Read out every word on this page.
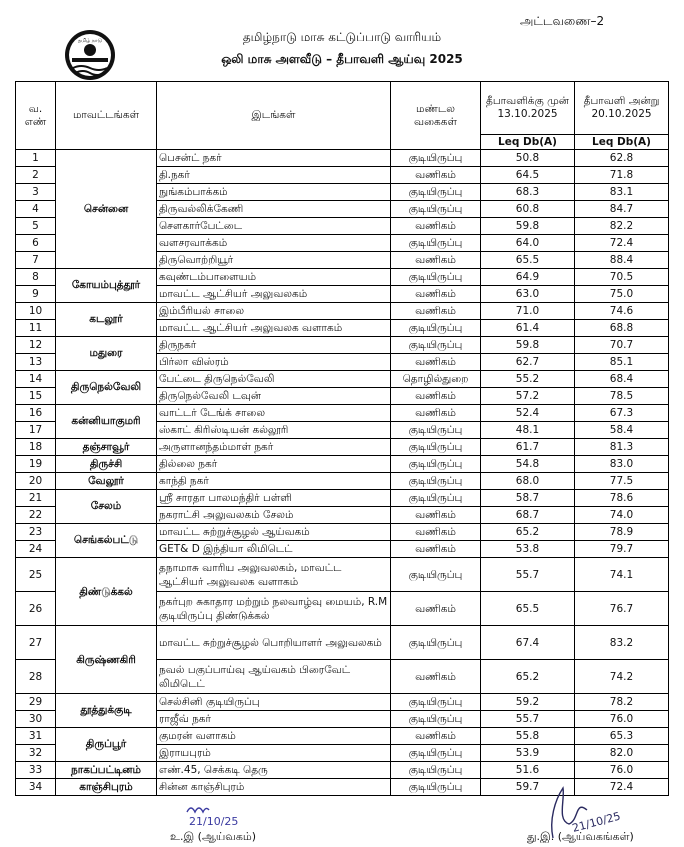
அட்டவணை–2
தமிழ் நாடு	தமிழ்நாடு மாசு கட்டுப்பாடு வாரியம்
ஒலி மாசு அளவீடு – தீபாவளி ஆய்வு 2025
வ. எண்	மாவட்டங்கள்	இடங்கள்	மண்டல வகைகள்	தீபாவளிக்கு முன் 13.10.2025	தீபாவளி அன்று 20.10.2025
				Leq Db(A)	Leq Db(A)
1	சென்னை	பெசன்ட் நகர்	குடியிருப்பு	50.8	62.8
2		தி.நகர்	வணிகம்	64.5	71.8
3		நுங்கம்பாக்கம்	குடியிருப்பு	68.3	83.1
4		திருவல்லிக்கேணி	குடியிருப்பு	60.8	84.7
5		சௌகார்பேட்டை	வணிகம்	59.8	82.2
6		வளசரவாக்கம்	குடியிருப்பு	64.0	72.4
7		திருவொற்றியூர்	வணிகம்	65.5	88.4
8	கோயம்புத்தூர்	கவுண்டம்பாளையம்	குடியிருப்பு	64.9	70.5
9		மாவட்ட ஆட்சியர் அலுவலகம்	வணிகம்	63.0	75.0
10	கடலூர்	இம்பீரியல் சாலை	வணிகம்	71.0	74.6
11		மாவட்ட ஆட்சியர் அலுவலக வளாகம்	குடியிருப்பு	61.4	68.8
12	மதுரை	திருநகர்	குடியிருப்பு	59.8	70.7
13		பிர்லா விஸ்ரம்	வணிகம்	62.7	85.1
14	திருநெல்வேலி	பேட்டை திருநெல்வேலி	தொழில்துறை	55.2	68.4
15		திருநெல்வேலி டவுன்	வணிகம்	57.2	78.5
16	கன்னியாகுமரி	வாட்டர் டேங்க் சாலை	வணிகம்	52.4	67.3
17		ஸ்காட் கிரிஸ்டியன் கல்லூரி	குடியிருப்பு	48.1	58.4
18	தஞ்சாவூர்	அருளானந்தம்மாள் நகர்	குடியிருப்பு	61.7	81.3
19	திருச்சி	தில்லை நகர்	குடியிருப்பு	54.8	83.0
20	வேலூர்	காந்தி நகர்	குடியிருப்பு	68.0	77.5
21	சேலம்	ஸ்ரீ சாரதா பாலமந்திர் பள்ளி	குடியிருப்பு	58.7	78.6
22		நகராட்சி அலுவலகம் சேலம்	வணிகம்	68.7	74.0
23	செங்கல்பட்டு	மாவட்ட சுற்றுச்சூழல் ஆய்வகம்	வணிகம்	65.2	78.9
24		GET& D இந்தியா லிமிடெட்	வணிகம்	53.8	79.7
25	திண்டுக்கல்	தநாமாசு வாரிய அலுவலகம், மாவட்ட ஆட்சியர் அலுவலக வளாகம்	குடியிருப்பு	55.7	74.1
26		நகர்புற சுகாதார மற்றும் நலவாழ்வு மையம், R.M குடியிருப்பு திண்டுக்கல்	வணிகம்	65.5	76.7
27	கிருஷ்ணகிரி	மாவட்ட சுற்றுச்சூழல் பொறியாளர் அலுவலகம்	குடியிருப்பு	67.4	83.2
28		நவல் பகுப்பாய்வு ஆய்வகம் பிரைவேட் லிமிடெட்	வணிகம்	65.2	74.2
29	தூத்துக்குடி	செல்சினி குடியிருப்பு	குடியிருப்பு	59.2	78.2
30		ராஜீவ் நகர்	குடியிருப்பு	55.7	76.0
31	திருப்பூர்	குமரன் வளாகம்	வணிகம்	55.8	65.3
32		இராயபுரம்	குடியிருப்பு	53.9	82.0
33	நாகப்பட்டினம்	எண்.45, செக்கடி தெரு	குடியிருப்பு	51.6	76.0
34	காஞ்சிபுரம்	சின்ன காஞ்சிபுரம்	குடியிருப்பு	59.7	72.4
21/10/25
உ.இ (ஆய்வகம்)
21/10/25
து.இ. (ஆய்வகங்கள்)
